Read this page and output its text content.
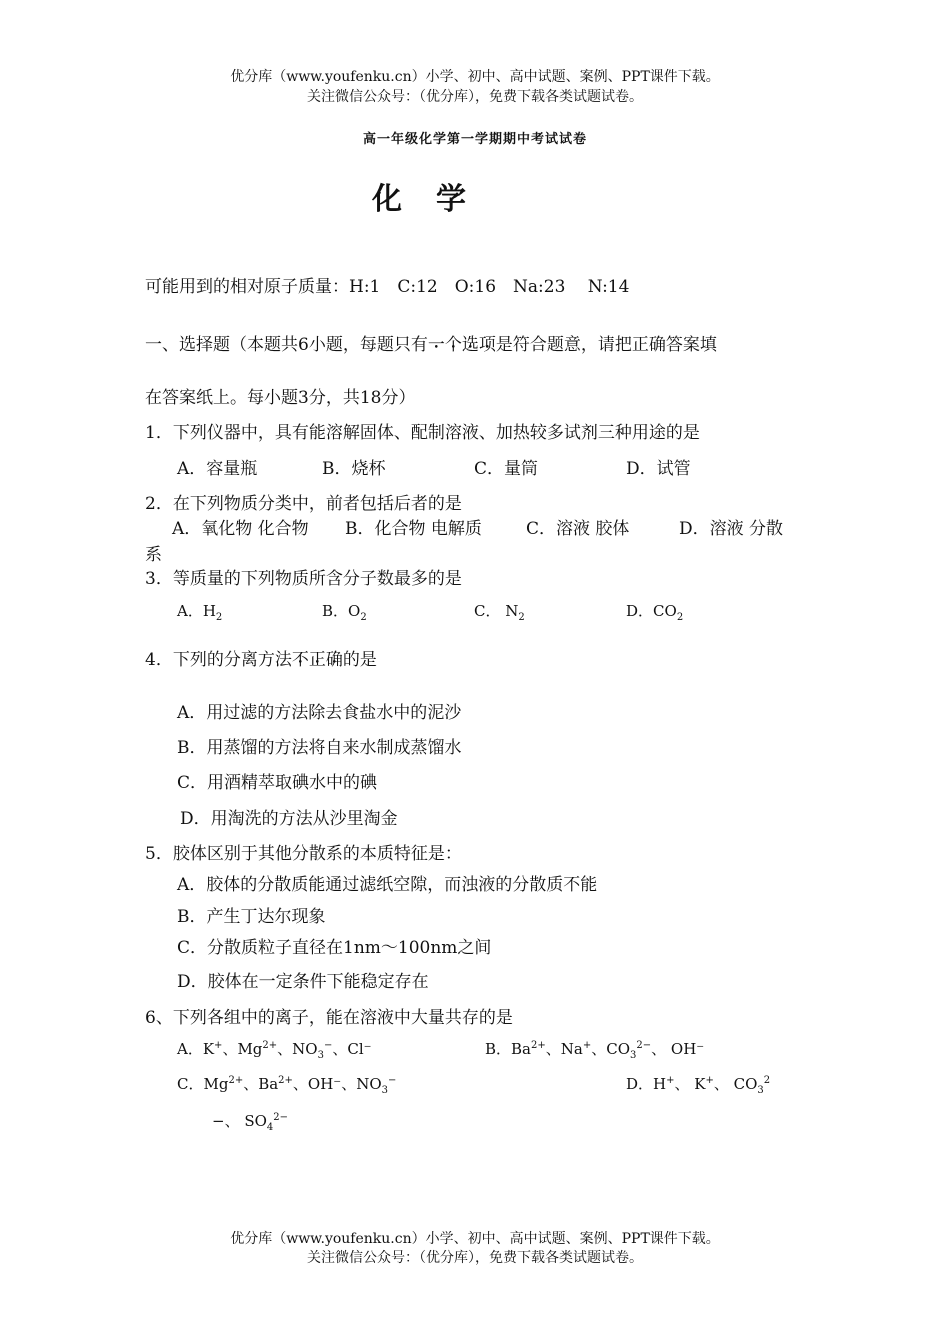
优分库（www.youfenku.cn）小学、初中、高中试题、案例、PPT课件下载。
关注微信公众号：（优分库），免费下载各类试题试卷。
高一年级化学第一学期期中考试试卷
化学
可能用到的相对原子质量：H:1　C:12　O:16　Na:23　 N:14
一、选择题（本题共6小题，每题只有一 •个 •选 •项 •是符合题意，请把正确答案填
在答案纸上。每小题3分，共18分）
1．下列仪器中，具有能溶解固体、配制溶液、加热较多试剂三种用途的是
A．容量瓶	B．烧杯	C．量筒	D．试管
2．在下列物质分类中，前者包括后者的是
A．氧化物 化合物 B．化合物 电解质	C．溶液 胶体	D．溶液 分散
系
3．等质量的下列物质所含分子数最多的是
A．$H_2$	B．$O_2$	C． $N_2$	D．$CO_2$
4．下列的分离方法不 •正 •确 •的是
A．用过滤的方法除去食盐水中的泥沙
B．用蒸馏的方法将自来水制成蒸馏水
C．用酒精萃取碘水中的碘
D．用淘洗的方法从沙里淘金
5．胶体区别于其他分散系的本质特征是：
A．胶体的分散质能通过滤纸空隙，而浊液的分散质不能
B．产生丁达尔现象
C．分散质粒子直径在1nm～100nm之间
D．胶体在一定条件下能稳定存在
6、下列各组中的离子，能在溶液中大量共存的是
A．K+、$Mg^{2+}$、$NO_3^-$、Cl⁻	B．$Ba^{2+}$、Na+、$CO_3^{2-}$、 OH⁻
C．$Mg^{2+}$、$Ba^{2+}$、OH⁻、$NO_3^-$	D．H+、 K+、 $CO_3^2$
−、 $SO_4^{2-}$
优分库（www.youfenku.cn）小学、初中、高中试题、案例、PPT课件下载。
关注微信公众号：（优分库），免费下载各类试题试卷。
